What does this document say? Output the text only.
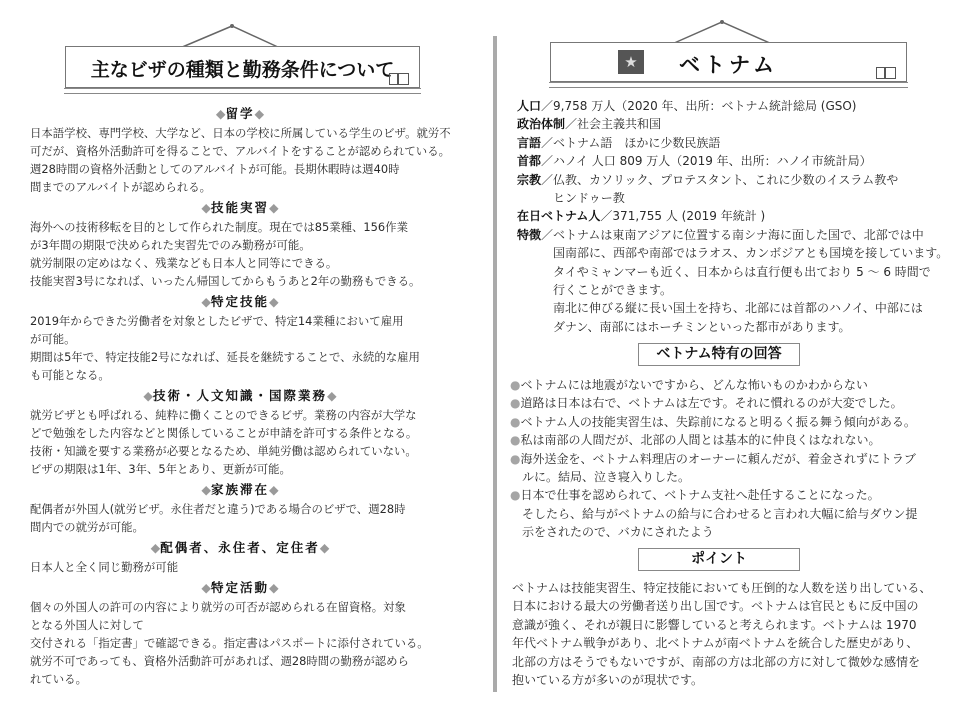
主なビザの種類と勤務条件について	★	ベトナム
◆留学◆
日本語学校、専門学校、大学など、日本の学校に所属している学生のビザ。就労不
可だが、資格外活動許可を得ることで、アルバイトをすることが認められている。
週28時間の資格外活動としてのアルバイトが可能。長期休暇時は週40時
間までのアルバイトが認められる。
◆技能実習◆
海外への技術移転を目的として作られた制度。現在では85業種、156作業
が3年間の期限で決められた実習先でのみ勤務が可能。
就労制限の定めはなく、残業なども日本人と同等にできる。
技能実習3号になれば、いったん帰国してからもうあと2年の勤務もできる。
◆特定技能◆
2019年からできた労働者を対象としたビザで、特定14業種において雇用
が可能。
期間は5年で、特定技能2号になれば、延長を継続することで、永続的な雇用
も可能となる。
◆技術・人文知識・国際業務◆
就労ビザとも呼ばれる、純粋に働くことのできるビザ。業務の内容が大学な
どで勉強をした内容などと関係していることが申請を許可する条件となる。
技術・知識を要する業務が必要となるため、単純労働は認められていない。
ビザの期限は1年、3年、5年とあり、更新が可能。
◆家族滞在◆
配偶者が外国人(就労ビザ。永住者だと違う)である場合のビザで、週28時
間内での就労が可能。
◆配偶者、永住者、定住者◆
日本人と全く同じ勤務が可能
◆特定活動◆
個々の外国人の許可の内容により就労の可否が認められる在留資格。対象
となる外国人に対して
交付される「指定書」で確認できる。指定書はパスポートに添付されている。
就労不可であっても、資格外活動許可があれば、週28時間の勤務が認めら
れている。
人口／9,758 万人（2020 年、出所：ベトナム統計総局 (GSO)
政治体制／社会主義共和国
言語／ベトナム語　ほかに少数民族語
首都／ハノイ 人口 809 万人（2019 年、出所：ハノイ市統計局）
宗教／仏教、カソリック、プロテスタント、これに少数のイスラム教や
ヒンドゥー教
在日ベトナム人／371,755 人 (2019 年統計 )
特徴／ベトナムは東南アジアに位置する南シナ海に面した国で、北部では中
国南部に、西部や南部ではラオス、カンボジアとも国境を接しています。
タイやミャンマーも近く、日本からは直行便も出ており 5 ～ 6 時間で
行くことができます。
南北に伸びる縦に長い国土を持ち、北部には首都のハノイ、中部には
ダナン、南部にはホーチミンといった都市があります。
ベトナム特有の回答
●ベトナムには地震がないですから、どんな怖いものかわからない
●道路は日本は右で、ベトナムは左です。それに慣れるのが大変でした。
●ベトナム人の技能実習生は、失踪前になると明るく振る舞う傾向がある。
●私は南部の人間だが、北部の人間とは基本的に仲良くはなれない。
●海外送金を、ベトナム料理店のオーナーに頼んだが、着金されずにトラブ
ルに。結局、泣き寝入りした。
●日本で仕事を認められて、ベトナム支社へ赴任することになった。
そしたら、給与がベトナムの給与に合わせると言われ大幅に給与ダウン提
示をされたので、バカにされたよう
ポイント
ベトナムは技能実習生、特定技能においても圧倒的な人数を送り出している、
日本における最大の労働者送り出し国です。ベトナムは官民ともに反中国の
意識が強く、それが親日に影響していると考えられます。ベトナムは 1970
年代ベトナム戦争があり、北ベトナムが南ベトナムを統合した歴史があり、
北部の方はそうでもないですが、南部の方は北部の方に対して微妙な感情を
抱いている方が多いのが現状です。
